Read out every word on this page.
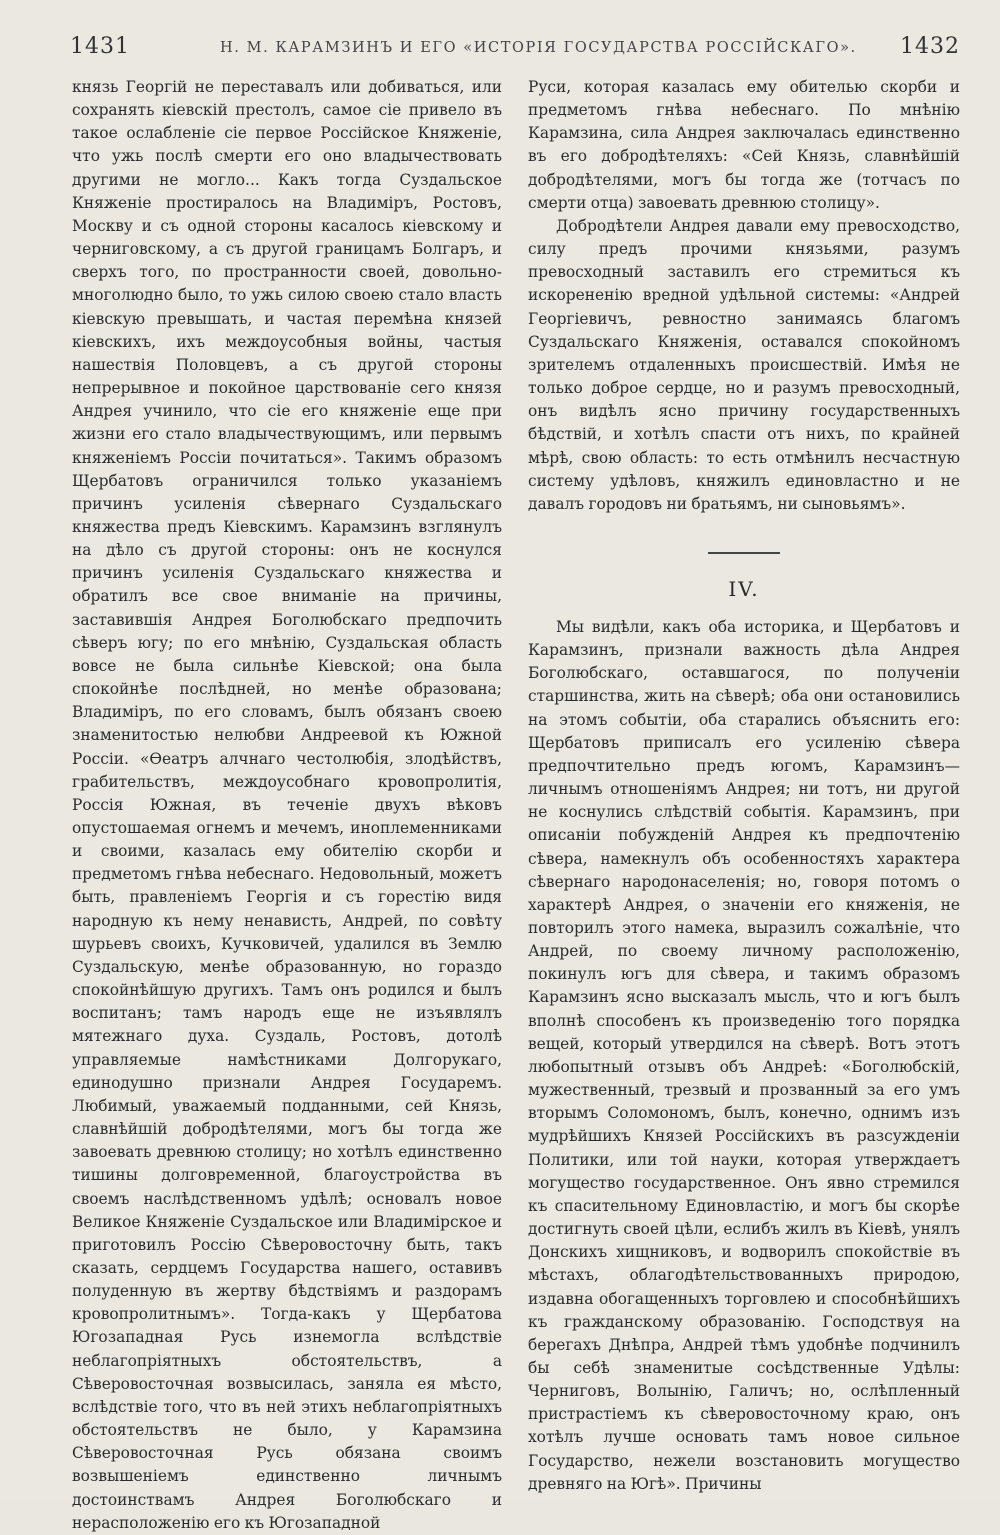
1431	Н. М. КАРАМЗИНЪ И ЕГО «ИСТОРІЯ ГОСУДАРСТВА РОССІЙСКАГО». 1432

князь Георгій не переставалъ или добиваться, или сохранять кіевскій престолъ, самое сіе привело въ такое ослабленіе сіе первое Россійское Княженіе, что ужь послѣ смерти его оно владычествовать другими не могло... Какъ тогда Суздальское Княженіе простиралось на Владиміръ, Ростовъ, Москву и съ одной стороны касалось кіевскому и черниговскому, а съ другой границамъ Болгаръ, и сверхъ того, по пространности своей, довольно-многолюдно было, то ужь силою своею стало власть кіевскую превышать, и частая перемѣна князей кіевскихъ, ихъ междоусобныя войны, частыя нашествія Половцевъ, а съ другой стороны непрерывное и покойное царствованіе сего князя Андрея учинило, что сіе его княженіе еще при жизни его стало владычествующимъ, или первымъ княженіемъ Россіи почитаться». Такимъ образомъ Щербатовъ ограничился только указаніемъ причинъ усиленія сѣвернаго Суздальскаго княжества предъ Кіевскимъ. Карамзинъ взглянулъ на дѣло съ другой стороны: онъ не коснулся причинъ усиленія Суздальскаго княжества и обратилъ все свое вниманіе на причины, заставившія Андрея Боголюбскаго предпочить сѣверъ югу; по его мнѣнію, Суздальская область вовсе не была сильнѣе Кіевской; она была спокойнѣе послѣдней, но менѣе образована; Владиміръ, по его словамъ, былъ обязанъ своею знаменитостью нелюбви Андреевой къ Южной Россіи. «Ѳеатръ алчнаго честолюбія, злодѣйствъ, грабительствъ, междоусобнаго кровопролитія, Россія Южная, въ теченіе двухъ вѣковъ опустошаемая огнемъ и мечемъ, иноплеменниками и своими, казалась ему обителію скорби и предметомъ гнѣва небеснаго. Недовольный, можетъ быть, правленіемъ Георгія и съ горестію видя народную къ нему ненависть, Андрей, по совѣту шурьевъ своихъ, Кучковичей, удалился въ Землю Суздальскую, менѣе образованную, но гораздо спокойнѣйшую другихъ. Тамъ онъ родился и былъ воспитанъ; тамъ народъ еще не изъявлялъ мятежнаго духа. Суздаль, Ростовъ, дотолѣ управляемые намѣстниками Долгорукаго, единодушно признали Андрея Государемъ. Любимый, уважаемый подданными, сей Князь, славнѣйшій добродѣтелями, могъ бы тогда же завоевать древнюю столицу; но хотѣлъ единственно тишины долговременной, благоустройства въ своемъ наслѣдственномъ удѣлѣ; основалъ новое Великое Княженіе Суздальское или Владимірское и приготовилъ Россію Сѣверовосточну быть, такъ сказать, сердцемъ Государства нашего, оставивъ полуденную въ жертву бѣдствіямъ и раздорамъ кровопролитнымъ». Тогда-какъ у Щербатова Югозападная Русь изнемогла вслѣдствіе неблагопріятныхъ обстоятельствъ, а Сѣверовосточная возвысилась, заняла ея мѣсто, вслѣдствіе того, что въ ней этихъ неблагопріятныхъ обстоятельствъ не было, у Карамзина Сѣверовосточная Русь обязана своимъ возвышеніемъ единственно личнымъ достоинствамъ Андрея Боголюбскаго и нерасположенію его къ Югозападной

Руси, которая казалась ему обителью скорби и предметомъ гнѣва небеснаго. По мнѣнію Карамзина, сила Андрея заключалась единственно въ его добродѣтеляхъ: «Сей Князь, славнѣйшій добродѣтелями, могъ бы тогда же (тотчасъ по смерти отца) завоевать древнюю столицу».

Добродѣтели Андрея давали ему превосходство, силу предъ прочими князьями, разумъ превосходный заставилъ его стремиться къ искорененію вредной удѣльной системы: «Андрей Георгіевичъ, ревностно занимаясь благомъ Суздальскаго Княженія, оставался спокойномъ зрителемъ отдаленныхъ происшествій. Имѣя не только доброе сердце, но и разумъ превосходный, онъ видѣлъ ясно причину государственныхъ бѣдствій, и хотѣлъ спасти отъ нихъ, по крайней мѣрѣ, свою область: то есть отмѣнилъ несчастную систему удѣловъ, княжилъ единовластно и не давалъ городовъ ни братьямъ, ни сыновьямъ».

IV.

Мы видѣли, какъ оба историка, и Щербатовъ и Карамзинъ, признали важность дѣла Андрея Боголюбскаго, оставшагося, по полученіи старшинства, жить на сѣверѣ; оба они остановились на этомъ событіи, оба старались объяснить его: Щербатовъ приписалъ его усиленію сѣвера предпочтительно предъ югомъ, Карамзинъ—личнымъ отношеніямъ Андрея; ни тотъ, ни другой не коснулись слѣдствій событія. Карамзинъ, при описаніи побужденій Андрея къ предпочтенію сѣвера, намекнулъ объ особенностяхъ характера сѣвернаго народонаселенія; но, говоря потомъ о характерѣ Андрея, о значеніи его княженія, не повторилъ этого намека, выразилъ сожалѣніе, что Андрей, по своему личному расположенію, покинулъ югъ для сѣвера, и такимъ образомъ Карамзинъ ясно высказалъ мысль, что и югъ былъ вполнѣ способенъ къ произведенію того порядка вещей, который утвердился на сѣверѣ. Вотъ этотъ любопытный отзывъ объ Андреѣ: «Боголюбскій, мужественный, трезвый и прозванный за его умъ вторымъ Соломономъ, былъ, конечно, однимъ изъ мудрѣйшихъ Князей Россійскихъ въ разсужденіи Политики, или той науки, которая утверждаетъ могущество государственное. Онъ явно стремился къ спасительному Единовластію, и могъ бы скорѣе достигнуть своей цѣли, еслибъ жилъ въ Кіевѣ, унялъ Донскихъ хищниковъ, и водворилъ спокойствіе въ мѣстахъ, облагодѣтельствованныхъ природою, издавна обогащенныхъ торговлею и способнѣйшихъ къ гражданскому образованію. Господствуя на берегахъ Днѣпра, Андрей тѣмъ удобнѣе подчинилъ бы себѣ знаменитые сосѣдственные Удѣлы: Черниговъ, Волынію, Галичъ; но, ослѣпленный пристрастіемъ къ сѣверовосточному краю, онъ хотѣлъ лучше основать тамъ новое сильное Государство, нежели возстановить могущество древняго на Югѣ». Причины
